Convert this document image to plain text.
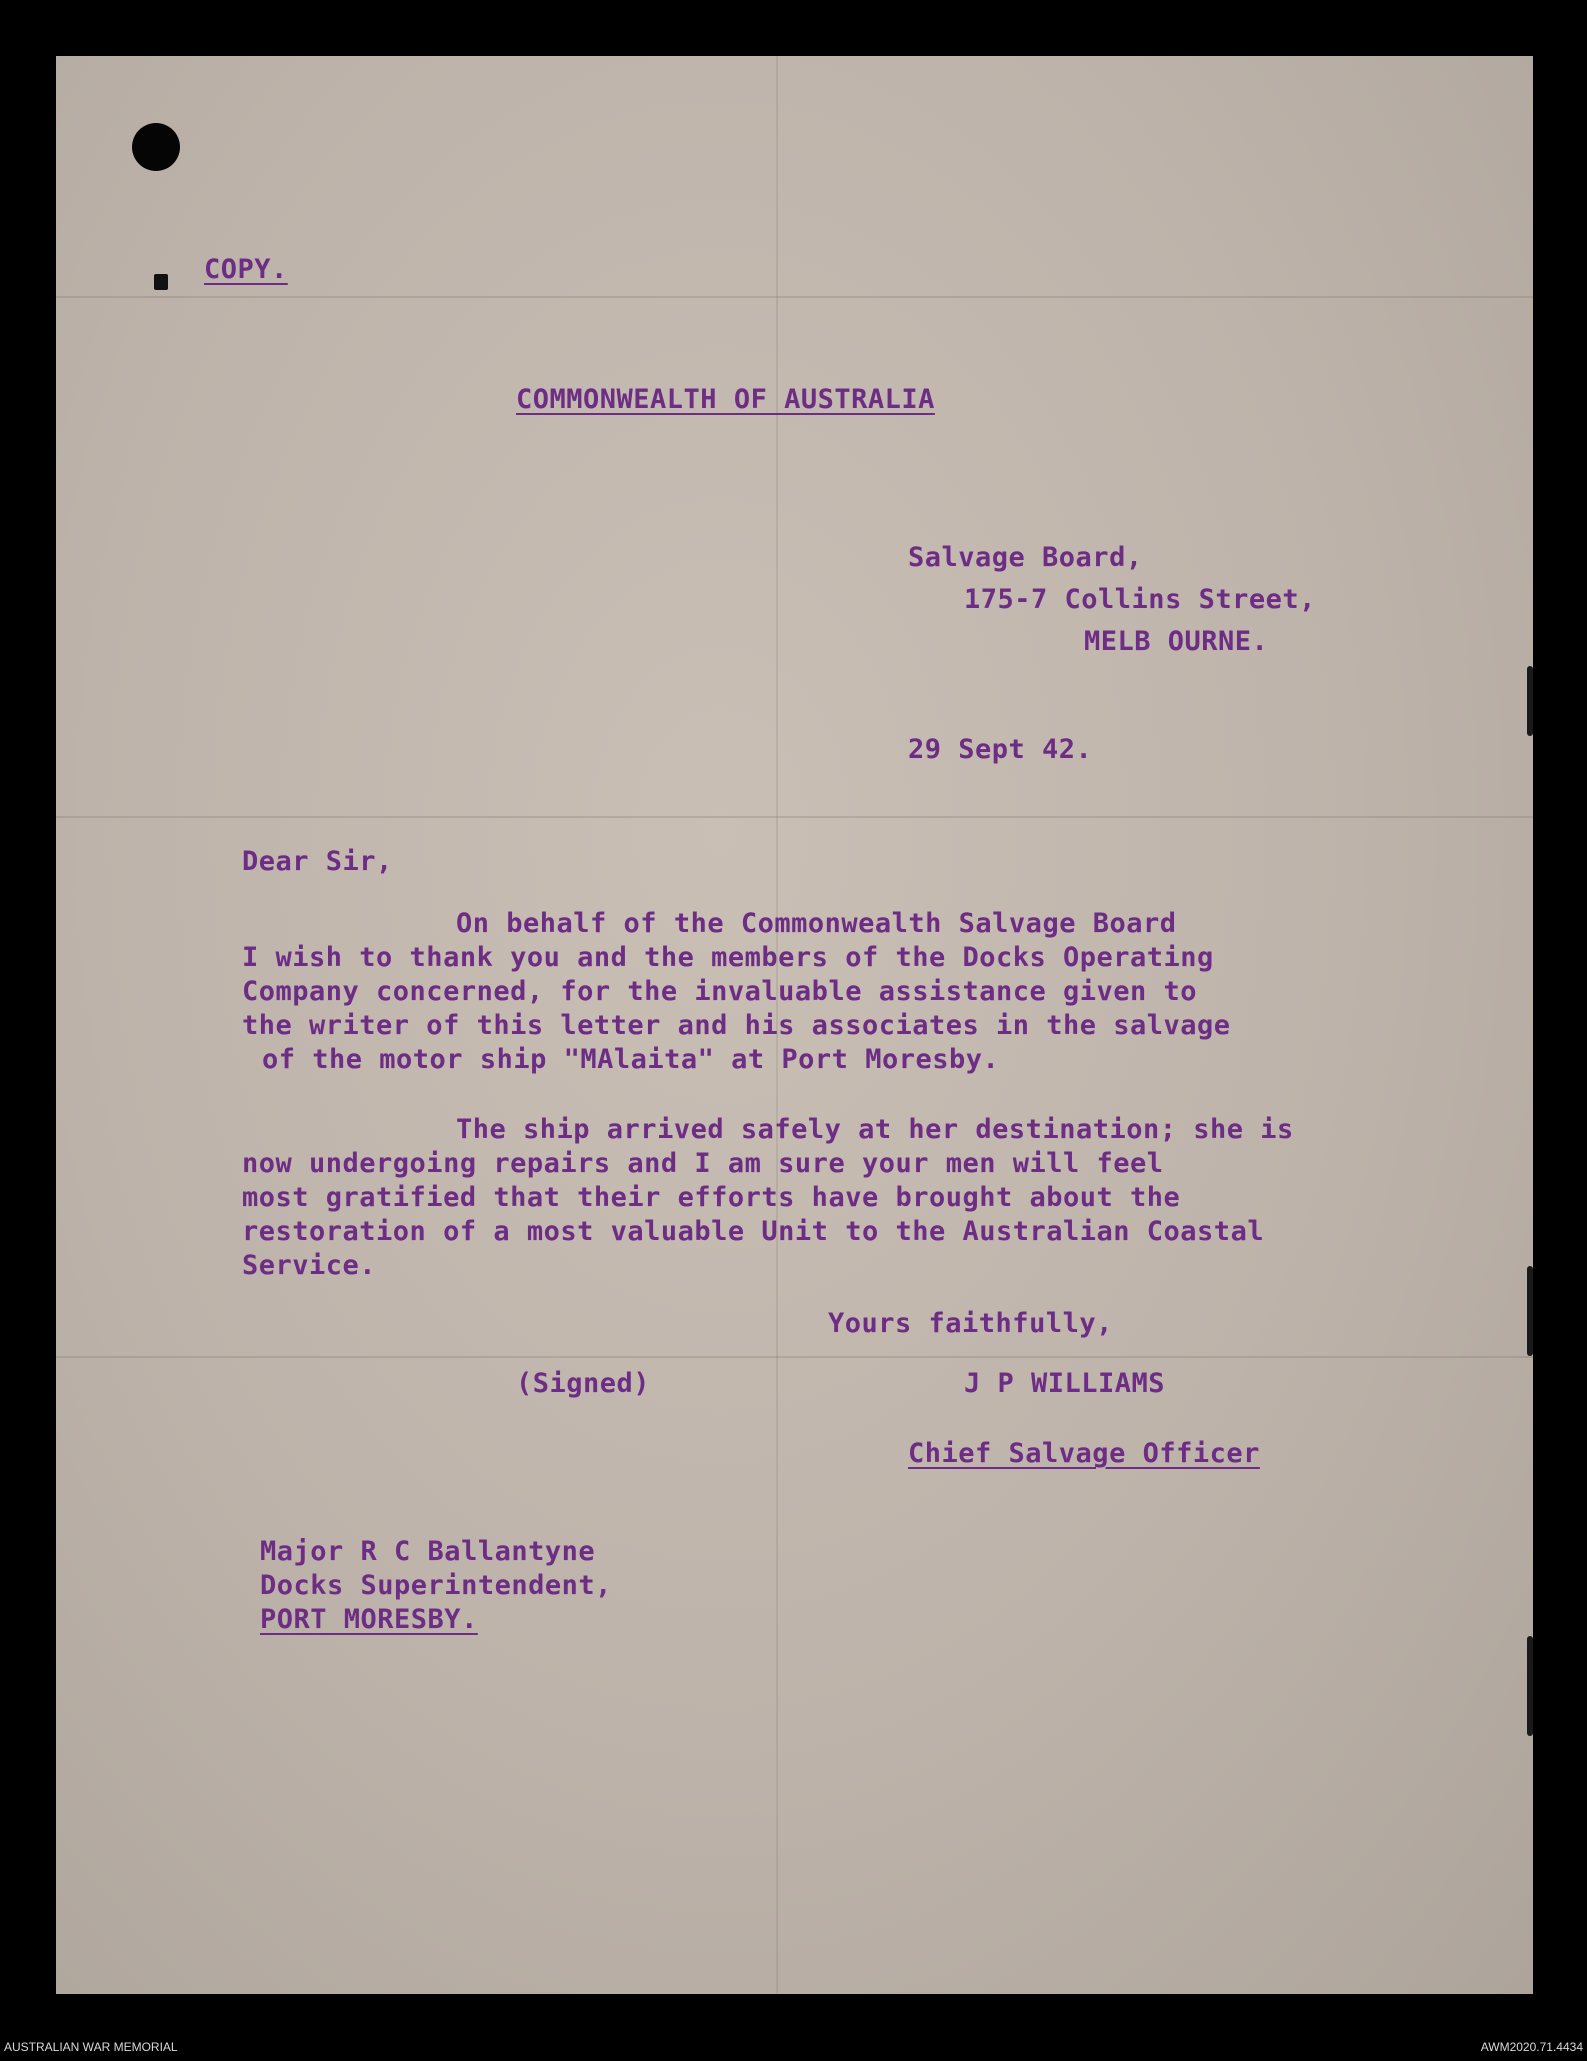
COPY.

COMMONWEALTH OF AUSTRALIA

Salvage Board,

175-7 Collins Street,

MELB OURNE.

29 Sept 42.

Dear Sir,

On behalf of the Commonwealth Salvage Board

I wish to thank you and the members of the Docks Operating

Company concerned, for the invaluable assistance given to

the writer of this letter and his associates in the salvage

of the motor ship "MAlaita" at Port Moresby.

The ship arrived safely at her destination; she is

now undergoing repairs and I am sure your men will feel

most gratified that their efforts have brought about the

restoration of a most valuable Unit to the Australian Coastal

Service.

Yours faithfully,

(Signed)	J P WILLIAMS

Chief Salvage Officer

Major R C Ballantyne

Docks Superintendent,

PORT MORESBY.

AUSTRALIAN WAR MEMORIAL	AWM2020.71.4434
